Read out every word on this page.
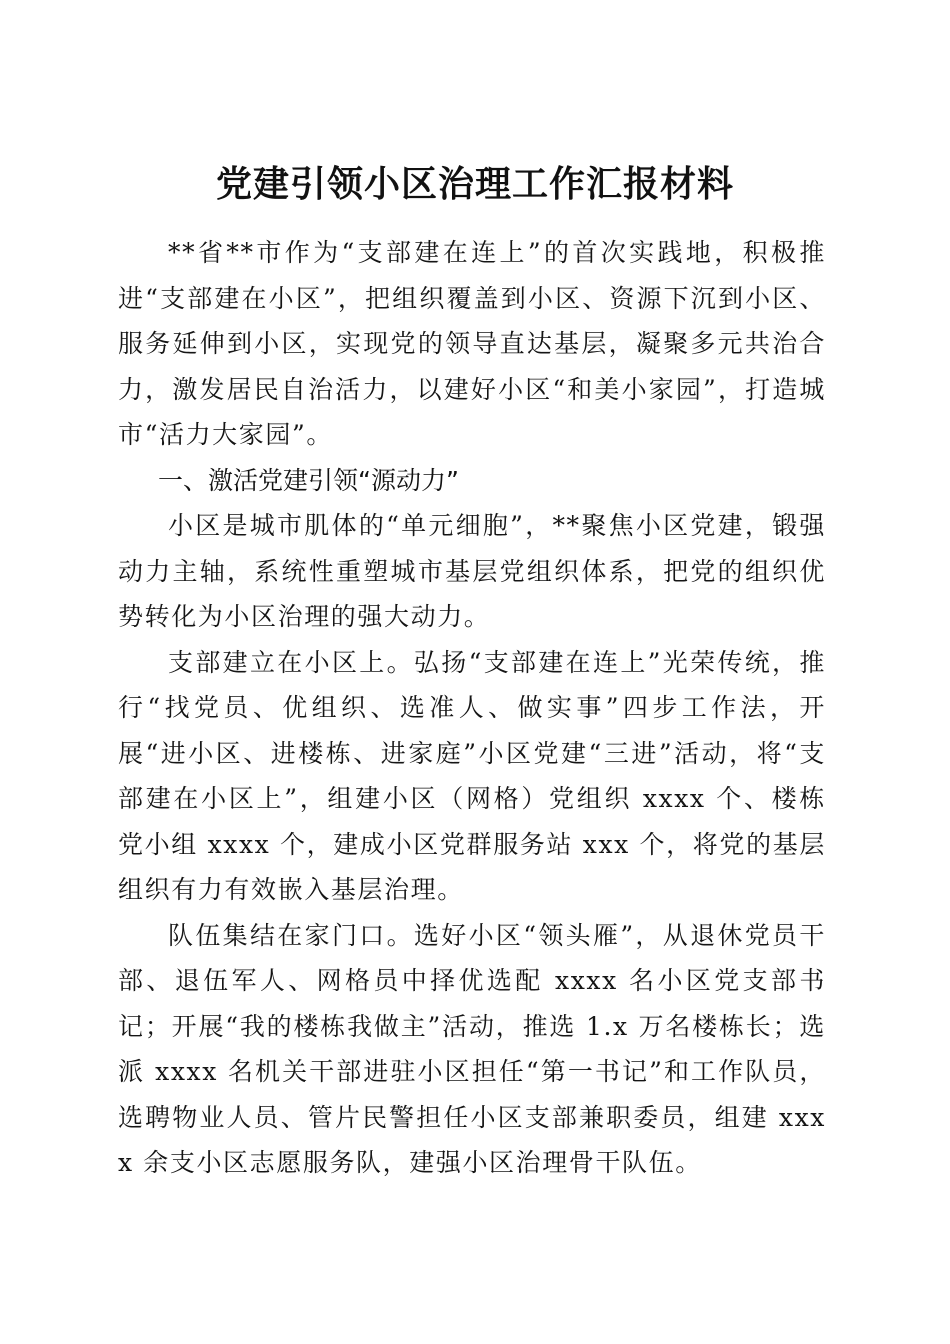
党建引领小区治理工作汇报材料

**省**市作为“支部建在连上”的首次实践地，积极推进“支部建在小区”，把组织覆盖到小区、资源下沉到小区、服务延伸到小区，实现党的领导直达基层，凝聚多元共治合力，激发居民自治活力，以建好小区“和美小家园”，打造城市“活力大家园”。

一、激活党建引领“源动力”

小区是城市肌体的“单元细胞”，**聚焦小区党建，锻强动力主轴，系统性重塑城市基层党组织体系，把党的组织优势转化为小区治理的强大动力。

支部建立在小区上。弘扬“支部建在连上”光荣传统，推行“找党员、优组织、选准人、做实事”四步工作法，开展“进小区、进楼栋、进家庭”小区党建“三进”活动，将“支部建在小区上”，组建小区（网格）党组织 xxxx 个、楼栋党小组 xxxx 个，建成小区党群服务站 xxx 个，将党的基层组织有力有效嵌入基层治理。

队伍集结在家门口。选好小区“领头雁”，从退休党员干部、退伍军人、网格员中择优选配 xxxx 名小区党支部书记；开展“我的楼栋我做主”活动，推选 1.x 万名楼栋长；选派 xxxx 名机关干部进驻小区担任“第一书记”和工作队员，选聘物业人员、管片民警担任小区支部兼职委员，组建 xxxx 余支小区志愿服务队，建强小区治理骨干队伍。
